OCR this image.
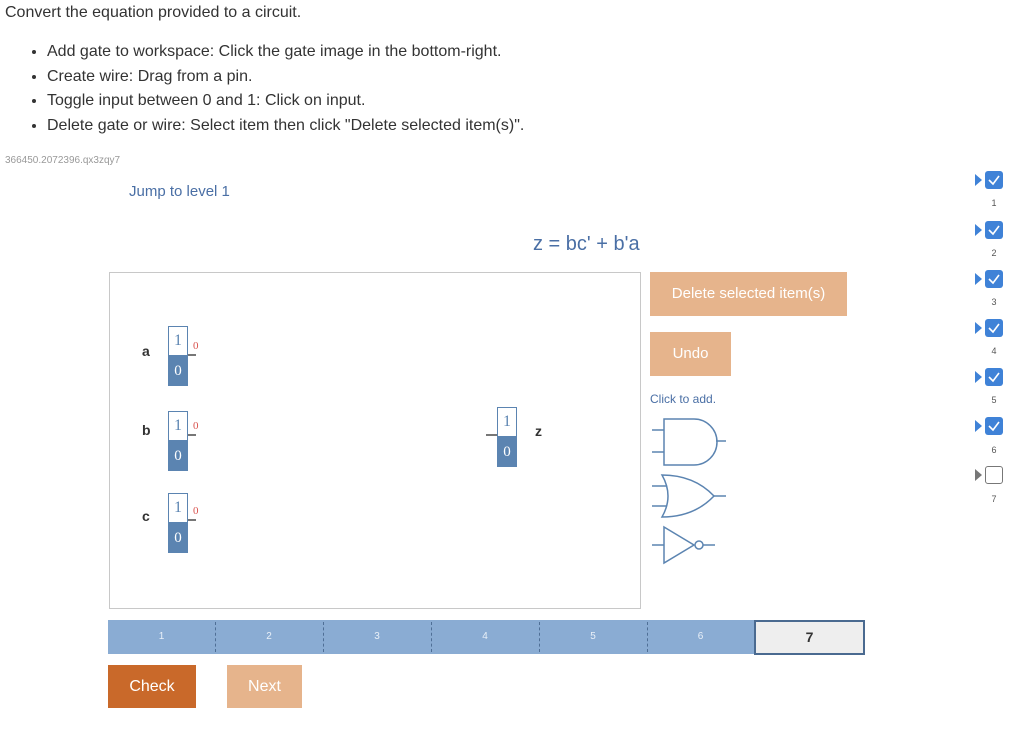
Convert the equation provided to a circuit.
• Add gate to workspace: Click the gate image in the bottom-right.
• Create wire: Drag from a pin.
• Toggle input between 0 and 1: Click on input.
• Delete gate or wire: Select item then click "Delete selected item(s)".
366450.2072396.qx3zqy7
Jump to level 1
z = bc' + b'a
a
1
0
0
b	1
0
0
c	1
0
0
1
0
z
Delete selected item(s)
Undo
Click to add.
1	2	3	4	5	6	7
Check	Next
1
2
3
4
5
6
7
